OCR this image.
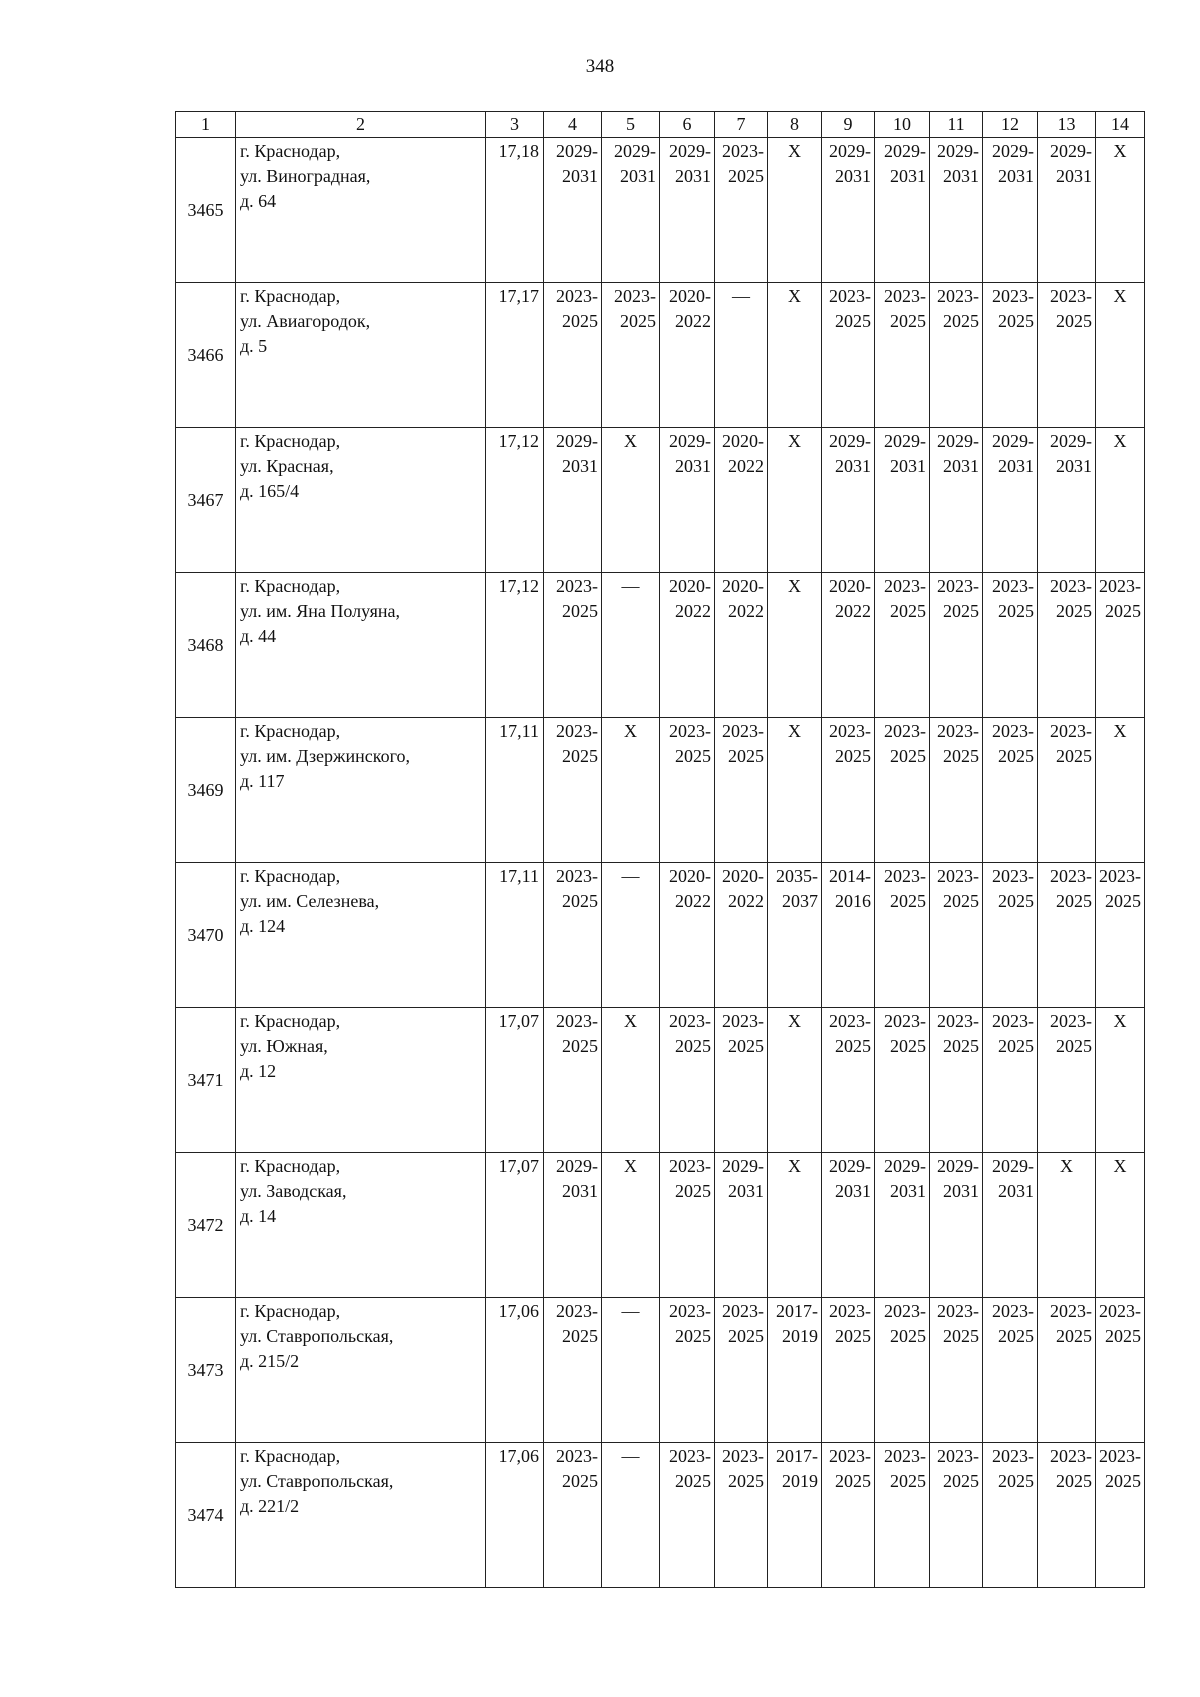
348
1	2	3	4	5	6	7	8	9	10	11	12	13	14
3465	г. Краснодар,
ул. Виноградная,
д. 64	17,18	2029-
2031	2029-
2031	2029-
2031	2023-
2025	X	2029-
2031	2029-
2031	2029-
2031	2029-
2031	2029-
2031	X
3466	г. Краснодар,
ул. Авиагородок,
д. 5	17,17	2023-
2025	2023-
2025	2020-
2022	—	X	2023-
2025	2023-
2025	2023-
2025	2023-
2025	2023-
2025	X
3467	г. Краснодар,
ул. Красная,
д. 165/4	17,12	2029-
2031	X	2029-
2031	2020-
2022	X	2029-
2031	2029-
2031	2029-
2031	2029-
2031	2029-
2031	X
3468	г. Краснодар,
ул. им. Яна Полуяна,
д. 44	17,12	2023-
2025	—	2020-
2022	2020-
2022	X	2020-
2022	2023-
2025	2023-
2025	2023-
2025	2023-
2025	2023-
2025

3469	г. Краснодар,
ул. им. Дзержинского,
д. 117	17,11	2023-
2025	X	2023-
2025	2023-
2025	X	2023-
2025	2023-
2025	2023-
2025	2023-
2025	2023-
2025	X
3470	г. Краснодар,
ул. им. Селезнева,
д. 124	17,11	2023-
2025	—	2020-
2022	2020-
2022	2035-
2037	2014-
2016	2023-
2025	2023-
2025	2023-
2025	2023-
2025	2023-
2025

3471	г. Краснодар,
ул. Южная,
д. 12	17,07	2023-
2025	X	2023-
2025	2023-
2025	X	2023-
2025	2023-
2025	2023-
2025	2023-
2025	2023-
2025	X
3472	г. Краснодар,
ул. Заводская,
д. 14	17,07	2029-
2031	X	2023-
2025	2029-
2031	X	2029-
2031	2029-
2031	2029-
2031	2029-
2031	X	X
3473	г. Краснодар,
ул. Ставропольская,
д. 215/2	17,06	2023-
2025	—	2023-
2025	2023-
2025	2017-
2019	2023-
2025	2023-
2025	2023-
2025	2023-
2025	2023-
2025	2023-
2025

3474	г. Краснодар,
ул. Ставропольская,
д. 221/2	17,06	2023-
2025	—	2023-
2025	2023-
2025	2017-
2019	2023-
2025	2023-
2025	2023-
2025	2023-
2025	2023-
2025	2023-
2025
